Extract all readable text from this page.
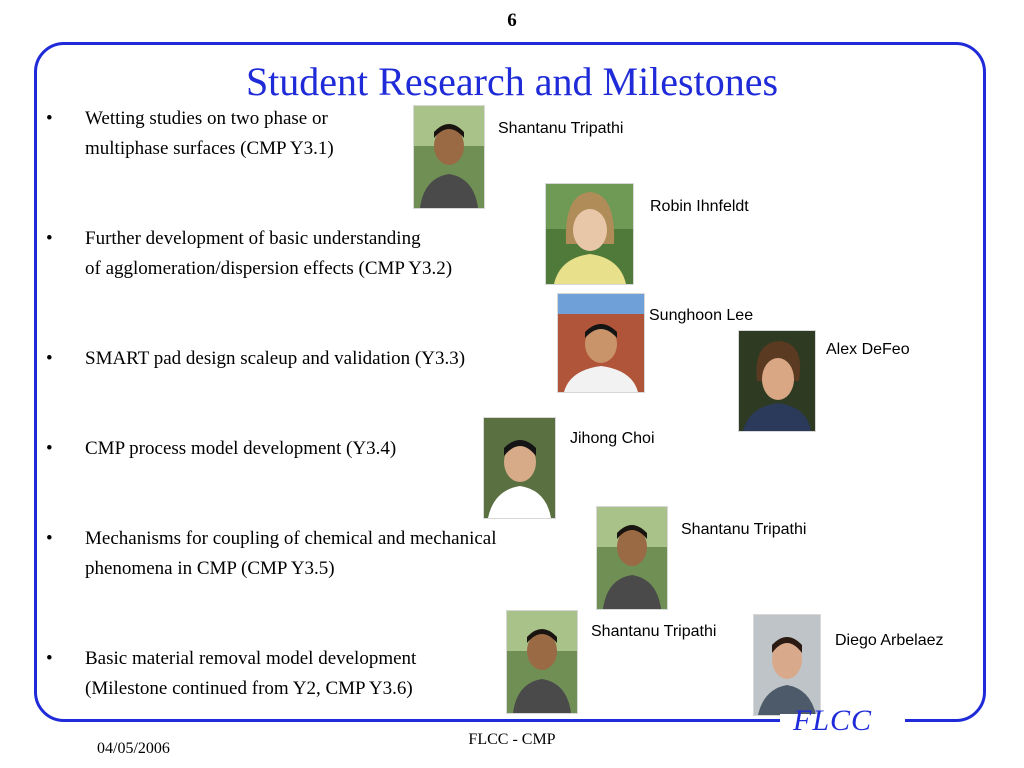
6
Student Research and Milestones
• Wetting studies on two phase or
multiphase surfaces (CMP Y3.1)
• Further development of basic understanding
of agglomeration/dispersion effects (CMP Y3.2)
• SMART pad design scaleup and validation (Y3.3)
• CMP process model development (Y3.4)
• Mechanisms for coupling of chemical and mechanical
phenomena in CMP (CMP Y3.5)
• Basic material removal model development
(Milestone continued from Y2, CMP Y3.6)
Shantanu Tripathi
Robin Ihnfeldt
Sunghoon Lee
Alex DeFeo
Jihong Choi
Shantanu Tripathi
Shantanu Tripathi
Diego Arbelaez
FLCC
FLCC - CMP
04/05/2006
